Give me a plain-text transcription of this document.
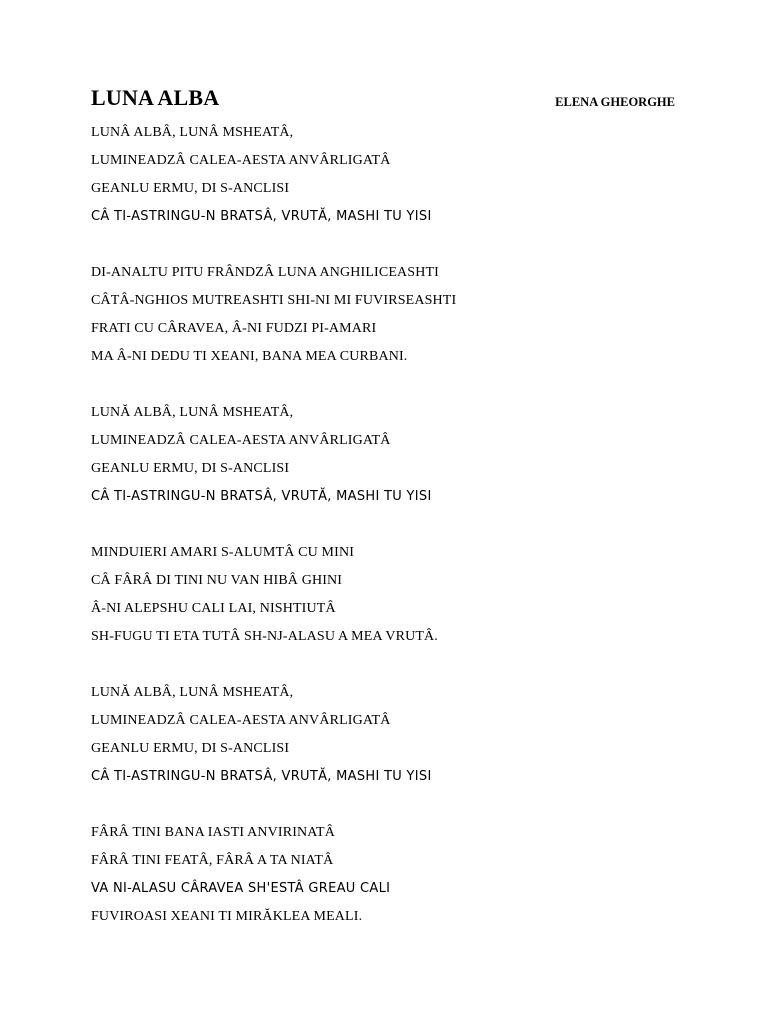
LUNA ALBA	ELENA GHEORGHE
LUNÂ ALBÂ, LUNÂ MSHEATÂ,
LUMINEADZÂ CALEA-AESTA ANVÂRLIGATÂ
GEANLU ERMU, DI S-ANCLISI
CÂ TI-ASTRINGU-N BRATSÂ, VRUTĂ, MASHI TU YISI
DI-ANALTU PITU FRÂNDZÂ LUNA ANGHILICEASHTI
CÂTÂ-NGHIOS MUTREASHTI SHI-NI MI FUVIRSEASHTI
FRATI CU CÂRAVEA, Â-NI FUDZI PI-AMARI
MA Â-NI DEDU TI XEANI, BANA MEA CURBANI.
LUNĂ ALBÂ, LUNÂ MSHEATÂ,
LUMINEADZÂ CALEA-AESTA ANVÂRLIGATÂ
GEANLU ERMU, DI S-ANCLISI
CÂ TI-ASTRINGU-N BRATSÂ, VRUTĂ, MASHI TU YISI
MINDUIERI AMARI S-ALUMTÂ CU MINI
CÂ FÂRÂ DI TINI NU VAN HIBÂ GHINI
Â-NI ALEPSHU CALI LAI, NISHTIUTÂ
SH-FUGU TI ETA TUTÂ SH-NJ-ALASU A MEA VRUTÂ.
LUNĂ ALBÂ, LUNÂ MSHEATÂ,
LUMINEADZÂ CALEA-AESTA ANVÂRLIGATÂ
GEANLU ERMU, DI S-ANCLISI
CÂ TI-ASTRINGU-N BRATSÂ, VRUTĂ, MASHI TU YISI
FÂRÂ TINI BANA IASTI ANVIRINATÂ
FÂRÂ TINI FEATÂ, FÂRÂ A TA NIATÂ
VA NI-ALASU CÂRAVEA SH'ESTÂ GREAU CALI
FUVIROASI XEANI TI MIRĂKLEA MEALI.
